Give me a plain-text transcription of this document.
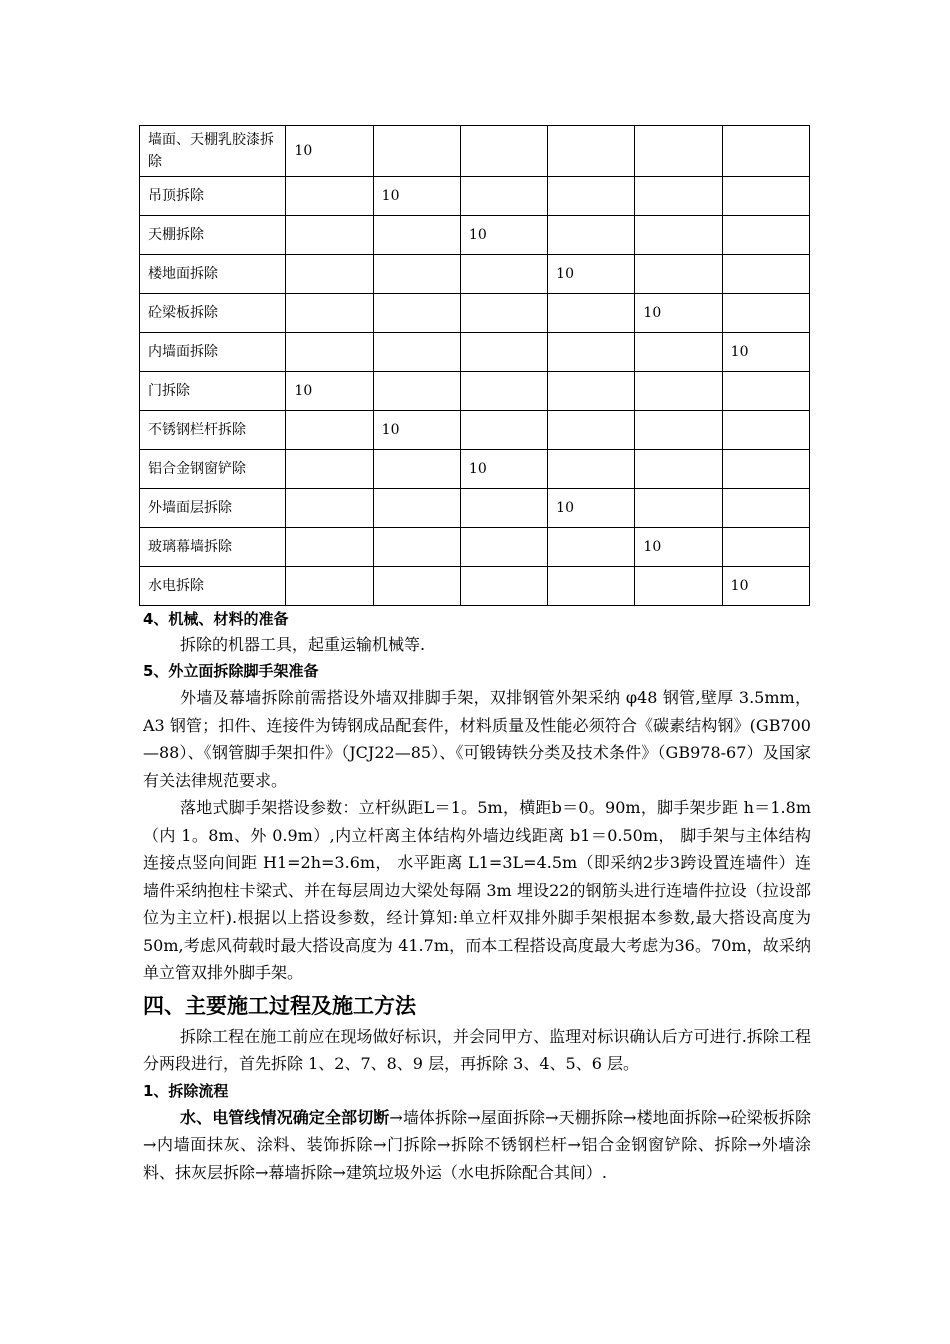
墙面、天棚乳胶漆拆除	10					
吊顶拆除		10				
天棚拆除			10			
楼地面拆除				10		
砼梁板拆除					10	
内墙面拆除						10
门拆除	10					
不锈钢栏杆拆除		10				
铝合金钢窗铲除			10			
外墙面层拆除				10		
玻璃幕墙拆除					10	
水电拆除						10

4、机械、材料的准备

拆除的机器工具，起重运输机械等.

5、外立面拆除脚手架准备

外墙及幕墙拆除前需搭设外墙双排脚手架，双排钢管外架采纳 φ48 钢管,壁厚 3.5mm，A3 钢管；扣件、连接件为铸钢成品配套件，材料质量及性能必须符合《碳素结构钢》(GB700—88）、《钢管脚手架扣件》（JCJ22—85）、《可锻铸铁分类及技术条件》（GB978-67）及国家有关法律规范要求。

落地式脚手架搭设参数：立杆纵距L＝1。5m，横距b＝0。90m，脚手架步距 h＝1.8m（内 1。8m、外 0.9m）,内立杆离主体结构外墙边线距离 b1＝0.50m， 脚手架与主体结构连接点竖向间距 H1=2h=3.6m， 水平距离 L1=3L=4.5m（即采纳2步3跨设置连墙件）连墙件采纳抱柱卡梁式、并在每层周边大梁处每隔 3m 埋设22的钢筋头进行连墙件拉设（拉设部位为主立杆).根据以上搭设参数，经计算知:单立杆双排外脚手架根据本参数,最大搭设高度为50m,考虑风荷载时最大搭设高度为 41.7m，而本工程搭设高度最大考虑为36。70m，故采纳单立管双排外脚手架。

四、主要施工过程及施工方法

拆除工程在施工前应在现场做好标识，并会同甲方、监理对标识确认后方可进行.拆除工程分两段进行，首先拆除 1、2、7、8、9 层，再拆除 3、4、5、6 层。

1、拆除流程

水、电管线情况确定全部切断→墙体拆除→屋面拆除→天棚拆除→楼地面拆除→砼梁板拆除→内墙面抹灰、涂料、装饰拆除→门拆除→拆除不锈钢栏杆→铝合金钢窗铲除、拆除→外墙涂料、抹灰层拆除→幕墙拆除→建筑垃圾外运（水电拆除配合其间）.
